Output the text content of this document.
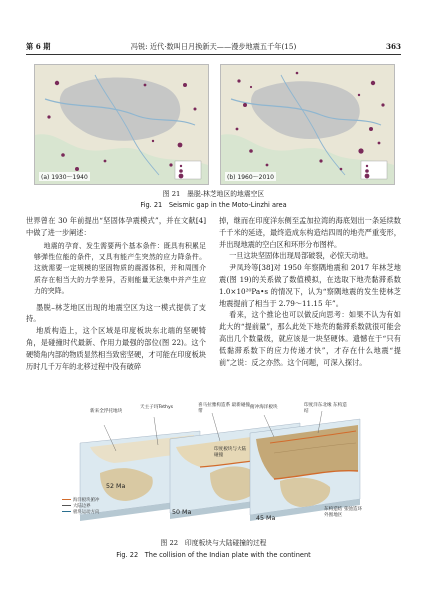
第 6 期	冯锐: 近代·数叫日月换新天——漫步地震五千年(15)	363
(a) 1930～1940	(b) 1960～2010
图 21　墨脱-林芝地区的地震空区
Fig. 21　Seismic gap in the Moto-Linzhi area

世界曾在 30 年前提出“坚固体孕震模式”，并在文献[4]中做了进一步阐述：

地震的孕育、发生需要两个基本条件：既具有积累足够弹性位能的条件，又具有能产生突然的应力降条件。这就需要一定规模的坚固物质的震源体积，并和周围介质存在相当大的力学差异，否则能量无法集中并产生应力的突降。

墨脱–林芝地区出现的地震空区为这一模式提供了支持。

地质构造上，这个区域是印度板块东北端的坚硬犄角，是碰撞时代最新、作用力最强的部位(图 22)。这个硬犄角内部的物质显然相当致密坚硬，才可能在印度板块历时几千万年的北移过程中没有破碎

掉，继而在印度洋东侧至孟加拉湾的海底划出一条延续数千千米的延迹，最终造成东构造结四周的地壳严重变形，并出现地震的空白区和环形分布图样。

一旦这块坚固体出现局部破裂，必惊天动地。

尹凤玲等[38]对 1950 年察隅地震和 2017 年林芝地震(图 19)的关系做了数值模拟，在选取下地壳黏滞系数 1.0×10²⁰Pa•s 的情况下，认为“察隅地震的发生使林芝地震提前了相当于 2.79～11.15 年”。

看来，这个推论也可以做反向思考：如果不认为有如此大的“提前量”，那么此处下地壳的黏滞系数就很可能会高出几个数量级，就应该是一块坚硬体。遗憾在于“只有低黏滞系数下的应力传递才快”，才存在什么地震“提前”之说：反之亦然。这个问题，可深入探讨。

新来全浮托地块
天主子玛Tethys	喜马拉雅构造系 最新碰撞带
俯冲海洋板块	印度洋东北缘 东构造结
东构造结 张弛造环 外围地区
印度板块与大陆碰撞
52 Ma
50 Ma
45 Ma
海洋板块俯冲
大陆边界
板块运动方向
图 22　印度板块与大陆碰撞的过程
Fig. 22　The collision of the Indian plate with the continent
